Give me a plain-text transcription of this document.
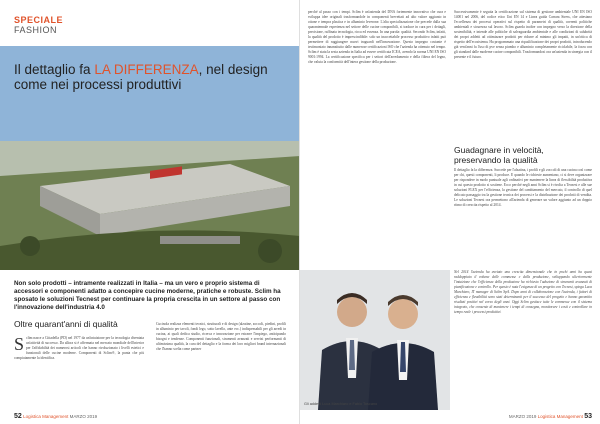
SPECIALE
FASHION
Il dettaglio fa LA DIFFERENZA, nel design come nei processi produttivi
Non solo prodotti – intramente realizzati in Italia – ma un vero e proprio sistema di accessori e componenti adatto a concepire cucine moderne, pratiche e robuste. Sclim ha sposato le soluzioni Tecnest per continuare la propria crescita in un settore al passo con l'innovazione dell'industria 4.0
Oltre quarant'anni di qualità
Sclim nasce a Cittadella (PD) nel 1977 da un'intuizione per la tecnologia diventata un'attività di successo. Da allora si è affermata nel mercato mondiale dell'interior per l'affidabilità dei numerosi articoli che hanno rivoluzionato i livelli estetici e funzionali delle cucine moderne. Componenti di Sclim®, la punta che più compiutamente la identifica.
Cucinola realizza elementi tecnici, strutturali e di design (alzatine, zoccoli, piedini, profili in alluminio per tavoli, fondi lego, sotto lavello, ante ecc.) indispensabili per gli arredi in cucina, ai quali dedica studio, ricerca e innovazione per estrarre l'impiego, anticipando bisogni e tendenze. Componenti funzionali, strumenti avanzati e servizi performanti di ultimissima qualità, la cura del dettaglio e la forma dei loro migliori brand internazionali che l'hanno scelta come partner
52 Logistica Management MARZO 2019
perché al passo con i tempi. Sclim è un'azienda del DNA fortemente innovativo che cura e sviluppa idee originali trasformandole in componenti brevettati ad alto valore aggiunto in ottone e tempra plastica e in alluminio leverone. L'alta specializzazione che precede dalla sua quarantennale esperienza nel settore delle cucine componibili, si traduce in cura per i dettagli, precisione, raffinata tecnologia, ricca ed essenza. In una parola: qualità. Secondo Sclim, infatti, la qualità del prodotto è imprescindibile: solo un inaccettabile processo produttivo infatti può permettere di raggiungere nuovi traguardi nell'innovazione. Questo impegno costante è testimoniato innanzitutto dalle numerose certificazioni ISO che l'azienda ha ottenuto nel tempo. Sclim è stata la sesta azienda in Italia ad essere certificata ICEA, avendo la norma UNI EN ISO 9001:1994. La certificazione specifica per i settori dell'arredamento e della filiera del legno, che valuta la conformità dell'intera gestione della produzione.
Successivamente è seguita la certificazione sul sistema di gestione ambientale UNI EN ISO 14001 nel 2006, del codice etico Uni EN 14 e Linea guida Carrara Stress, che attestano l'eccellenza dei processi operativi sul rispetto di parametri di qualità, coerenti politiche ambientali e sicurezza sul lavoro. Sclim guarda inoltre con impegno verso la direzione della sostenibilità, e intende alle politiche di salvaguardia ambientale e alle condizioni di salubrità dei propri addetti ad ottimizzare prodotti per ridurre al minimo gli impatti, in un'ottica di rispetto dell'ecosistema. Ha programmato una riqualificazione dei propri prodotti, introducendo già vent'anni fa l'uso di pve senza piombo e alluminio completamente riciclabile, la forza con gli standard dalle moderne cucine componibili. Trasformandosi ora un'azienda in sinergia con il presente e il futuro.
Guadagnare in velocità, preservando la qualità
Il dettaglio fa la differenza. Succede per l'alzatina, i profili e gli zoccoli di una cucina così come per chi, questi componenti, li produce. E quando le richieste aumentano, ci si deve organizzare per rispondere in modo puntuale agli ordinativi per mantenere la linea di flessibilità produttiva in cui questo prodotto si sostiene. Ecco perché negli anni Sclim si è rivolta a Tecnest e alle sue soluzioni FLEX per l'efficienza, la gestione del cambiamento del mercato, il controllo di quel delicato passaggio tra la gestione tecnica dei processi e la distribuzione dei prodotti di vendita. Le soluzioni Tecnest ora permettono all'azienda di generare un valore aggiunto ad un doppio ritmo di crescita rispetto al 2014.
Gli addetti Luca Marchiaro e Fabio Toscano
Nel 2014 l'azienda ha avviato una crescita dimensionale che in pochi anni ha quasi raddoppiato il volume delle commesse e della produzione, sviluppando ulteriormente l'intuizione che l'efficienza della produzione ha richiesto l'adozione di strumenti avanzati di pianificazione e controllo. Per questo è nata l'esigenza di un progetto con Tecnest, spiega Luca Marchiaro, IT manager di Sclim SpA. Dopo anni di collaborazione con l'azienda, i fattori di efficienza e flessibilità sono stati determinanti per il successo del progetto e hanno garantito risultati positivi nel corso degli anni. Oggi Sclim gestisce tutte le commesse con il sistema integrato, che consente di mantenere i tempi di consegna, monitorare i costi e controllare in tempo reale i processi produttivi.
MARZO 2019 Logistica Management 53
